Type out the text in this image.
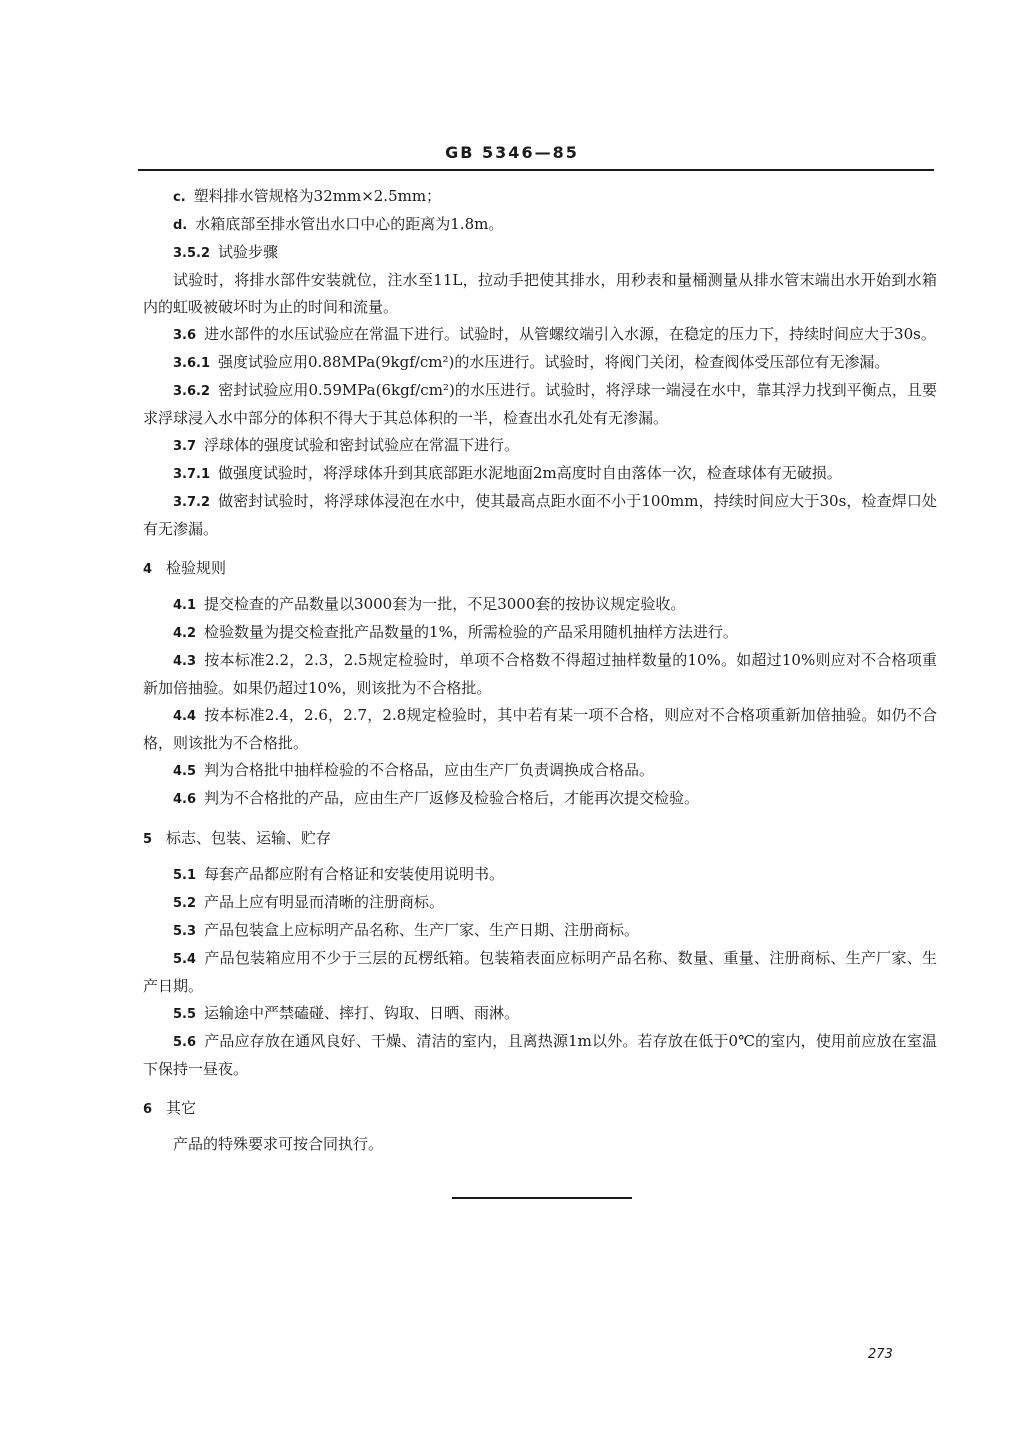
GB 5346—85

c. 塑料排水管规格为32mm×2.5mm；

d. 水箱底部至排水管出水口中心的距离为1.8m。

3.5.2 试验步骤

试验时，将排水部件安装就位，注水至11L，拉动手把使其排水，用秒表和量桶测量从排水管末端出水开始到水箱内的虹吸被破坏时为止的时间和流量。

3.6 进水部件的水压试验应在常温下进行。试验时，从管螺纹端引入水源，在稳定的压力下，持续时间应大于30s。

3.6.1 强度试验应用0.88MPa(9kgf/cm²)的水压进行。试验时，将阀门关闭，检查阀体受压部位有无渗漏。

3.6.2 密封试验应用0.59MPa(6kgf/cm²)的水压进行。试验时，将浮球一端浸在水中，靠其浮力找到平衡点，且要求浮球浸入水中部分的体积不得大于其总体积的一半，检查出水孔处有无渗漏。

3.7 浮球体的强度试验和密封试验应在常温下进行。

3.7.1 做强度试验时，将浮球体升到其底部距水泥地面2m高度时自由落体一次，检查球体有无破损。

3.7.2 做密封试验时，将浮球体浸泡在水中，使其最高点距水面不小于100mm，持续时间应大于30s，检查焊口处有无渗漏。

4 检验规则

4.1 提交检查的产品数量以3000套为一批，不足3000套的按协议规定验收。

4.2 检验数量为提交检查批产品数量的1%，所需检验的产品采用随机抽样方法进行。

4.3 按本标准2.2，2.3，2.5规定检验时，单项不合格数不得超过抽样数量的10%。如超过10%则应对不合格项重新加倍抽验。如果仍超过10%，则该批为不合格批。

4.4 按本标准2.4，2.6，2.7，2.8规定检验时，其中若有某一项不合格，则应对不合格项重新加倍抽验。如仍不合格，则该批为不合格批。

4.5 判为合格批中抽样检验的不合格品，应由生产厂负责调换成合格品。

4.6 判为不合格批的产品，应由生产厂返修及检验合格后，才能再次提交检验。

5 标志、包装、运输、贮存

5.1 每套产品都应附有合格证和安装使用说明书。

5.2 产品上应有明显而清晰的注册商标。

5.3 产品包装盒上应标明产品名称、生产厂家、生产日期、注册商标。

5.4 产品包装箱应用不少于三层的瓦楞纸箱。包装箱表面应标明产品名称、数量、重量、注册商标、生产厂家、生产日期。

5.5 运输途中严禁磕碰、摔打、钩取、日晒、雨淋。

5.6 产品应存放在通风良好、干燥、清洁的室内，且离热源1m以外。若存放在低于0℃的室内，使用前应放在室温下保持一昼夜。

6 其它

产品的特殊要求可按合同执行。

273
